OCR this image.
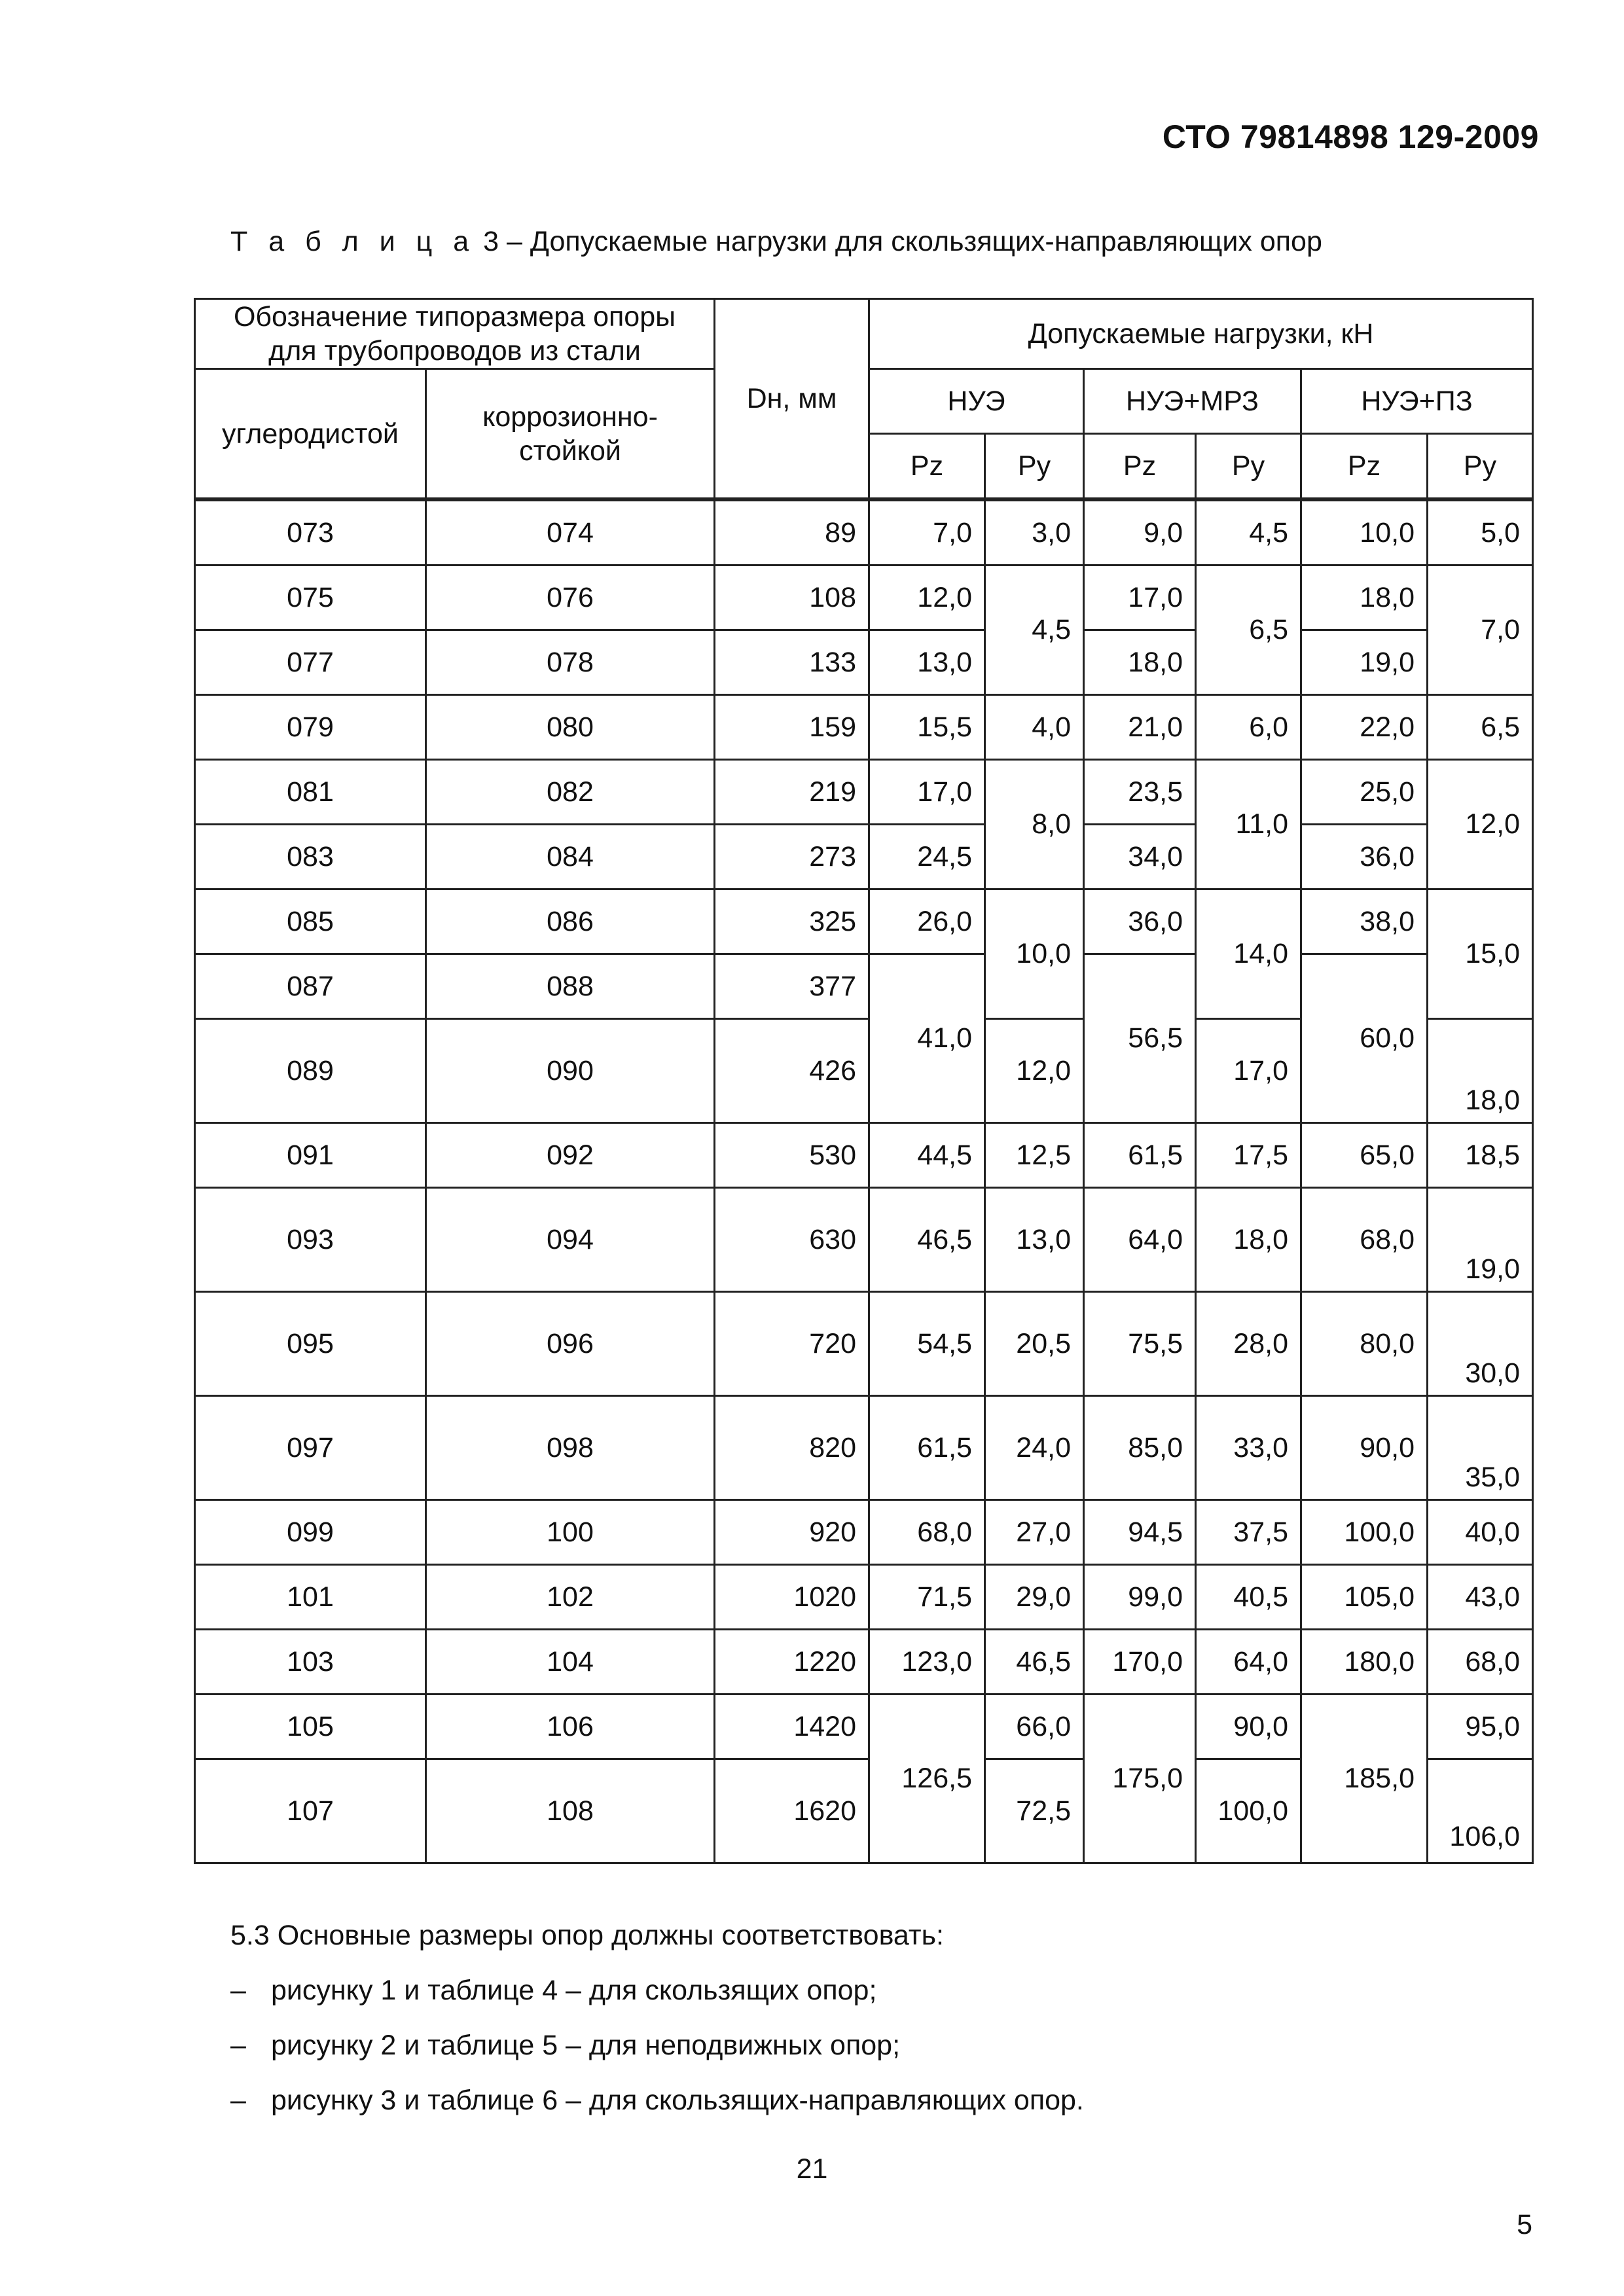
СТО 79814898 129-2009
Т а б л и ц а 3 – Допускаемые нагрузки для скользящих-направляющих опор
Обозначение типоразмера опоры для трубопроводов из стали		Dн, мм	Допускаемые нагрузки, кН					
углеродистой	коррозионно-стойкой		НУЭ		НУЭ+МРЗ		НУЭ+ПЗ	
			Pz	Py	Pz	Py	Pz	Py
073	074	89	7,0	3,0	9,0	4,5	10,0	5,0
075	076	108	12,0	4,5	17,0	6,5	18,0	7,0
077	078	133	13,0		18,0		19,0	
079	080	159	15,5	4,0	21,0	6,0	22,0	6,5
081	082	219	17,0	8,0	23,5	11,0	25,0	12,0
083	084	273	24,5		34,0		36,0	
085	086	325	26,0	10,0	36,0	14,0	38,0	15,0
087	088	377	41,0		56,5		60,0	
089	090	426		12,0		17,0		18,0
091	092	530	44,5	12,5	61,5	17,5	65,0	18,5
093	094	630	46,5	13,0	64,0	18,0	68,0	19,0
095	096	720	54,5	20,5	75,5	28,0	80,0	30,0
097	098	820	61,5	24,0	85,0	33,0	90,0	35,0
099	100	920	68,0	27,0	94,5	37,5	100,0	40,0
101	102	1020	71,5	29,0	99,0	40,5	105,0	43,0
103	104	1220	123,0	46,5	170,0	64,0	180,0	68,0
105	106	1420	126,5	66,0	175,0	90,0	185,0	95,0
107	108	1620		72,5		100,0		106,0
5.3 Основные размеры опор должны соответствовать:
– рисунку 1 и таблице 4 – для скользящих опор;
– рисунку 2 и таблице 5 – для неподвижных опор;
– рисунку 3 и таблице 6 – для скользящих-направляющих опор.
21
5
